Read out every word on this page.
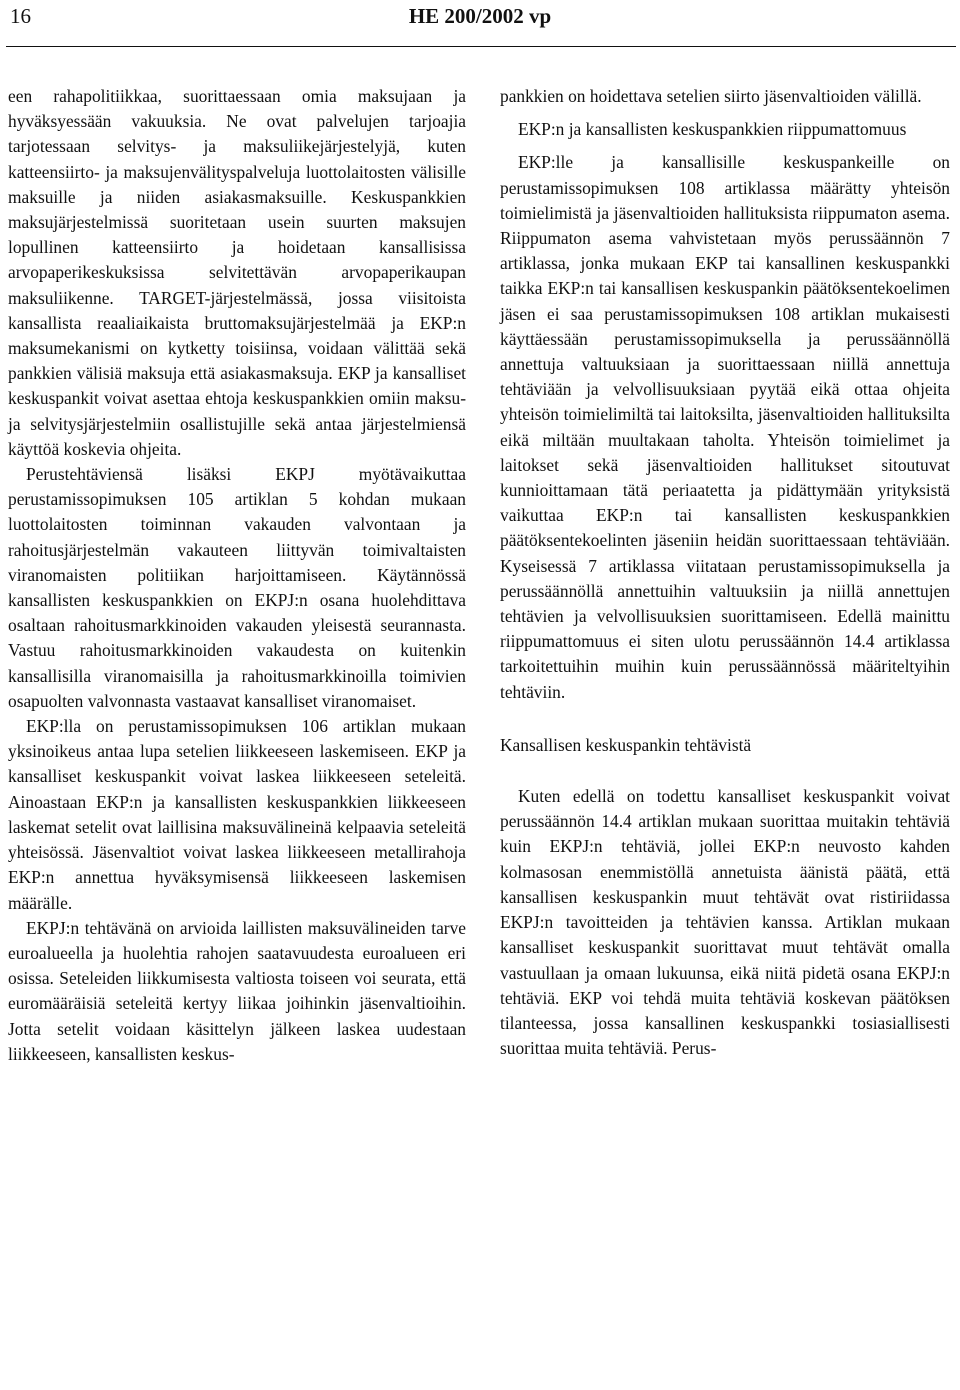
16	HE 200/2002 vp

een rahapolitiikkaa, suorittaessaan omia maksujaan ja hyväksyessään vakuuksia. Ne ovat palvelujen tarjoajia tarjotessaan selvitys- ja maksuliikejärjestelyjä, kuten katteensiirto- ja maksujenvälityspalveluja luottolaitosten välisille maksuille ja niiden asiakasmaksuille. Keskuspankkien maksujärjestelmissä suoritetaan usein suurten maksujen lopullinen katteensiirto ja hoidetaan kansallisissa arvopaperikeskuksissa selvitettävän arvopaperikaupan maksuliikenne. TARGET-järjestelmässä, jossa viisitoista kansallista reaaliaikaista bruttomaksujärjestelmää ja EKP:n maksumekanismi on kytketty toisiinsa, voidaan välittää sekä pankkien välisiä maksuja että asiakasmaksuja. EKP ja kansalliset keskuspankit voivat asettaa ehtoja keskuspankkien omiin maksu- ja selvitysjärjestelmiin osallistujille sekä antaa järjestelmiensä käyttöä koskevia ohjeita.

Perustehtäviensä lisäksi EKPJ myötävaikuttaa perustamissopimuksen 105 artiklan 5 kohdan mukaan luottolaitosten toiminnan vakauden valvontaan ja rahoitusjärjestelmän vakauteen liittyvän toimivaltaisten viranomaisten politiikan harjoittamiseen. Käytännössä kansallisten keskuspankkien on EKPJ:n osana huolehdittava osaltaan rahoitusmarkkinoiden vakauden yleisestä seurannasta. Vastuu rahoitusmarkkinoiden vakaudesta on kuitenkin kansallisilla viranomaisilla ja rahoitusmarkkinoilla toimivien osapuolten valvonnasta vastaavat kansalliset viranomaiset.

EKP:lla on perustamissopimuksen 106 artiklan mukaan yksinoikeus antaa lupa setelien liikkeeseen laskemiseen. EKP ja kansalliset keskuspankit voivat laskea liikkeeseen seteleitä. Ainoastaan EKP:n ja kansallisten keskuspankkien liikkeeseen laskemat setelit ovat laillisina maksuvälineinä kelpaavia seteleitä yhteisössä. Jäsenvaltiot voivat laskea liikkeeseen metallirahoja EKP:n annettua hyväksymisensä liikkeeseen laskemisen määrälle.

EKPJ:n tehtävänä on arvioida laillisten maksuvälineiden tarve euroalueella ja huolehtia rahojen saatavuudesta euroalueen eri osissa. Seteleiden liikkumisesta valtiosta toiseen voi seurata, että euromääräisiä seteleitä kertyy liikaa joihinkin jäsenvaltioihin. Jotta setelit voidaan käsittelyn jälkeen laskea uudestaan liikkeeseen, kansallisten keskus-

pankkien on hoidettava setelien siirto jäsenvaltioiden välillä.

EKP:n ja kansallisten keskuspankkien riippumattomuus

EKP:lle ja kansallisille keskuspankeille on perustamissopimuksen 108 artiklassa määrätty yhteisön toimielimistä ja jäsenvaltioiden hallituksista riippumaton asema. Riippumaton asema vahvistetaan myös perussäännön 7 artiklassa, jonka mukaan EKP tai kansallinen keskuspankki taikka EKP:n tai kansallisen keskuspankin päätöksentekoelimen jäsen ei saa perustamissopimuksen 108 artiklan mukaisesti käyttäessään perustamissopimuksella ja perussäännöllä annettuja valtuuksiaan ja suorittaessaan niillä annettuja tehtäviään ja velvollisuuksiaan pyytää eikä ottaa ohjeita yhteisön toimielimiltä tai laitoksilta, jäsenvaltioiden hallituksilta eikä miltään muultakaan taholta. Yhteisön toimielimet ja laitokset sekä jäsenvaltioiden hallitukset sitoutuvat kunnioittamaan tätä periaatetta ja pidättymään yrityksistä vaikuttaa EKP:n tai kansallisten keskuspankkien päätöksentekoelinten jäseniin heidän suorittaessaan tehtäviään. Kyseisessä 7 artiklassa viitataan perustamissopimuksella ja perussäännöllä annettuihin valtuuksiin ja niillä annettujen tehtävien ja velvollisuuksien suorittamiseen. Edellä mainittu riippumattomuus ei siten ulotu perussäännön 14.4 artiklassa tarkoitettuihin muihin kuin perussäännössä määriteltyihin tehtäviin.

Kansallisen keskuspankin tehtävistä

Kuten edellä on todettu kansalliset keskuspankit voivat perussäännön 14.4 artiklan mukaan suorittaa muitakin tehtäviä kuin EKPJ:n tehtäviä, jollei EKP:n neuvosto kahden kolmasosan enemmistöllä annetuista äänistä päätä, että kansallisen keskuspankin muut tehtävät ovat ristiriidassa EKPJ:n tavoitteiden ja tehtävien kanssa. Artiklan mukaan kansalliset keskuspankit suorittavat muut tehtävät omalla vastuullaan ja omaan lukuunsa, eikä niitä pidetä osana EKPJ:n tehtäviä. EKP voi tehdä muita tehtäviä koskevan päätöksen tilanteessa, jossa kansallinen keskuspankki tosiasiallisesti suorittaa muita tehtäviä. Perus-
